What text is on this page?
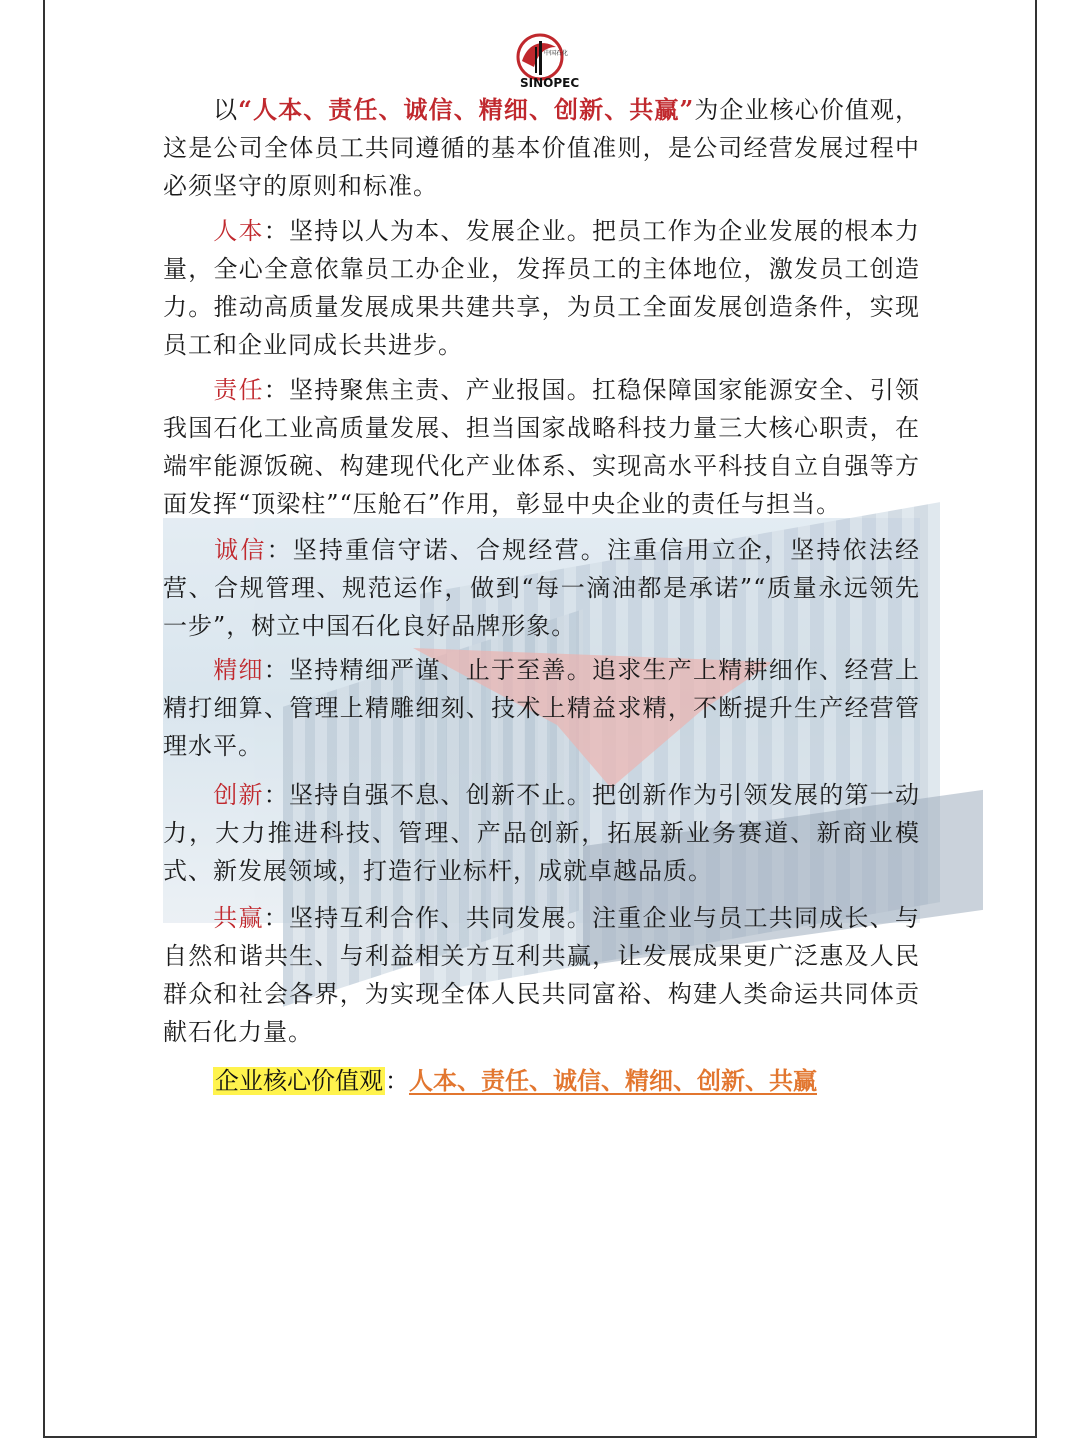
中国石化
SINOPEC

以“人本、责任、诚信、精细、创新、共赢”为企业核心价值观，这是公司全体员工共同遵循的基本价值准则，是公司经营发展过程中必须坚守的原则和标准。

人本：坚持以人为本、发展企业。把员工作为企业发展的根本力量，全心全意依靠员工办企业，发挥员工的主体地位，激发员工创造力。推动高质量发展成果共建共享，为员工全面发展创造条件，实现员工和企业同成长共进步。

责任：坚持聚焦主责、产业报国。扛稳保障国家能源安全、引领我国石化工业高质量发展、担当国家战略科技力量三大核心职责，在端牢能源饭碗、构建现代化产业体系、实现高水平科技自立自强等方面发挥“顶梁柱”“压舱石”作用，彰显中央企业的责任与担当。

诚信：坚持重信守诺、合规经营。注重信用立企，坚持依法经营、合规管理、规范运作，做到“每一滴油都是承诺”“质量永远领先一步”，树立中国石化良好品牌形象。

精细：坚持精细严谨、止于至善。追求生产上精耕细作、经营上精打细算、管理上精雕细刻、技术上精益求精，不断提升生产经营管理水平。

创新：坚持自强不息、创新不止。把创新作为引领发展的第一动力，大力推进科技、管理、产品创新，拓展新业务赛道、新商业模式、新发展领域，打造行业标杆，成就卓越品质。

共赢：坚持互利合作、共同发展。注重企业与员工共同成长、与自然和谐共生、与利益相关方互利共赢，让发展成果更广泛惠及人民群众和社会各界，为实现全体人民共同富裕、构建人类命运共同体贡献石化力量。

企业核心价值观：人本、责任、诚信、精细、创新、共赢
